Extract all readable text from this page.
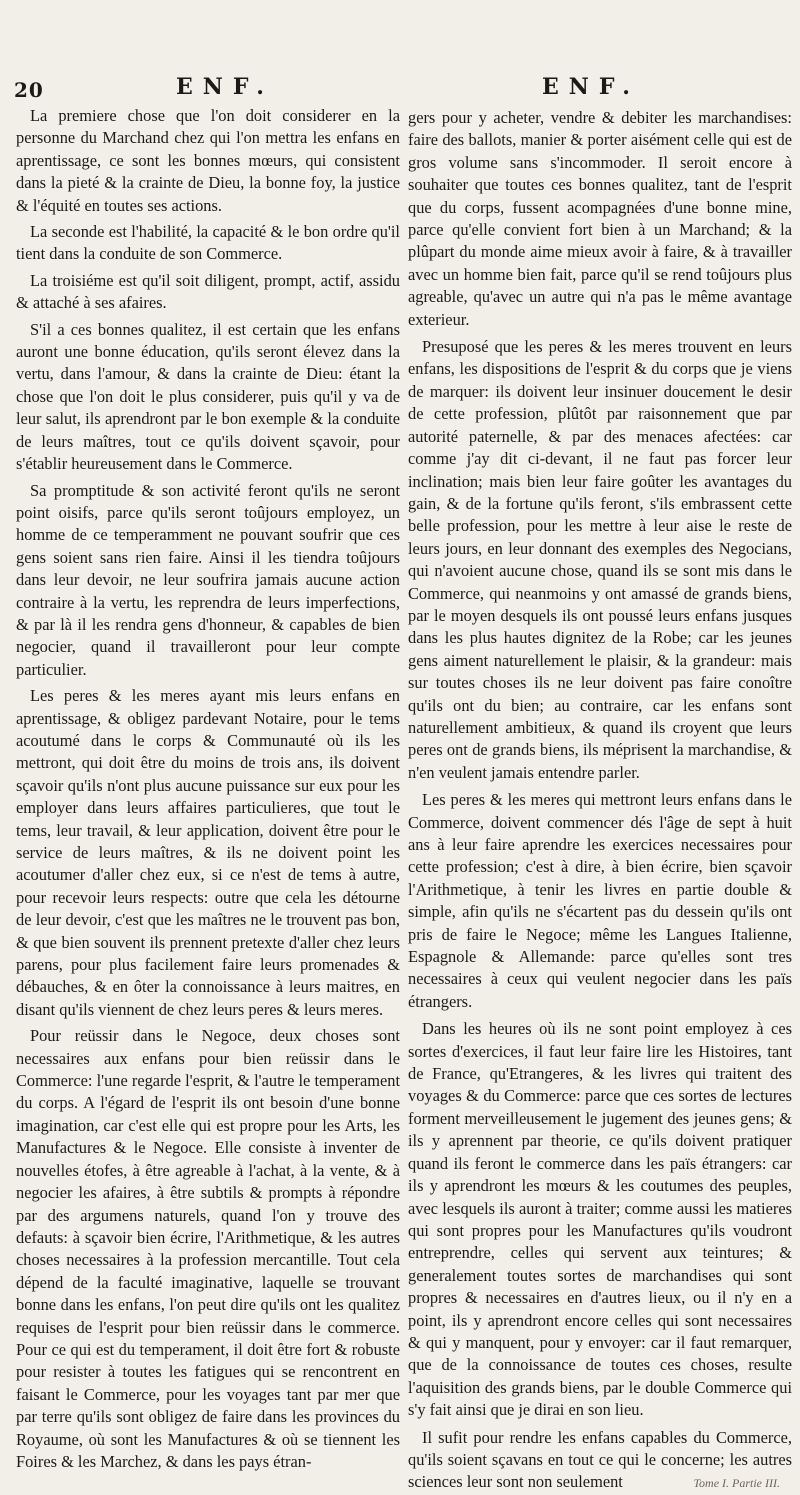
20	ENF.	ENF.

La premiere chose que l'on doit considerer en la personne du Marchand chez qui l'on mettra les enfans en aprentissage, ce sont les bonnes mœurs, qui consistent dans la pieté & la crainte de Dieu, la bonne foy, la justice & l'équité en toutes ses actions.

La seconde est l'habilité, la capacité & le bon ordre qu'il tient dans la conduite de son Commerce.

La troisiéme est qu'il soit diligent, prompt, actif, assidu & attaché à ses afaires.

S'il a ces bonnes qualitez, il est certain que les enfans auront une bonne éducation, qu'ils seront élevez dans la vertu, dans l'amour, & dans la crainte de Dieu: étant la chose que l'on doit le plus considerer, puis qu'il y va de leur salut, ils aprendront par le bon exemple & la conduite de leurs maîtres, tout ce qu'ils doivent sçavoir, pour s'établir heureusement dans le Commerce.

Sa promptitude & son activité feront qu'ils ne seront point oisifs, parce qu'ils seront toûjours employez, un homme de ce temperamment ne pouvant soufrir que ces gens soient sans rien faire. Ainsi il les tiendra toûjours dans leur devoir, ne leur soufrira jamais aucune action contraire à la vertu, les reprendra de leurs imperfections, & par là il les rendra gens d'honneur, & capables de bien negocier, quand il travailleront pour leur compte particulier.

Les peres & les meres ayant mis leurs enfans en aprentissage, & obligez pardevant Notaire, pour le tems acoutumé dans le corps & Communauté où ils les mettront, qui doit être du moins de trois ans, ils doivent sçavoir qu'ils n'ont plus aucune puissance sur eux pour les employer dans leurs affaires particulieres, que tout le tems, leur travail, & leur application, doivent être pour le service de leurs maîtres, & ils ne doivent point les acoutumer d'aller chez eux, si ce n'est de tems à autre, pour recevoir leurs respects: outre que cela les détourne de leur devoir, c'est que les maîtres ne le trouvent pas bon, & que bien souvent ils prennent pretexte d'aller chez leurs parens, pour plus facilement faire leurs promenades & débauches, & en ôter la connoissance à leurs maitres, en disant qu'ils viennent de chez leurs peres & leurs meres.

Pour reüssir dans le Negoce, deux choses sont necessaires aux enfans pour bien reüssir dans le Commerce: l'une regarde l'esprit, & l'autre le temperament du corps. A l'égard de l'esprit ils ont besoin d'une bonne imagination, car c'est elle qui est propre pour les Arts, les Manufactures & le Negoce. Elle consiste à inventer de nouvelles étofes, à être agreable à l'achat, à la vente, & à negocier les afaires, à être subtils & prompts à répondre par des argumens naturels, quand l'on y trouve des defauts: à sçavoir bien écrire, l'Arithmetique, & les autres choses necessaires à la profession mercantille. Tout cela dépend de la faculté imaginative, laquelle se trouvant bonne dans les enfans, l'on peut dire qu'ils ont les qualitez requises de l'esprit pour bien reüssir dans le commerce. Pour ce qui est du temperament, il doit être fort & robuste pour resister à toutes les fatigues qui se rencontrent en faisant le Commerce, pour les voyages tant par mer que par terre qu'ils sont obligez de faire dans les provinces du Royaume, où sont les Manufactures & où se tiennent les Foires & les Marchez, & dans les pays étran-

gers pour y acheter, vendre & debiter les marchandises: faire des ballots, manier & porter aisément celle qui est de gros volume sans s'incommoder. Il seroit encore à souhaiter que toutes ces bonnes qualitez, tant de l'esprit que du corps, fussent acompagnées d'une bonne mine, parce qu'elle convient fort bien à un Marchand; & la plûpart du monde aime mieux avoir à faire, & à travailler avec un homme bien fait, parce qu'il se rend toûjours plus agreable, qu'avec un autre qui n'a pas le même avantage exterieur.

Presuposé que les peres & les meres trouvent en leurs enfans, les dispositions de l'esprit & du corps que je viens de marquer: ils doivent leur insinuer doucement le desir de cette profession, plûtôt par raisonnement que par autorité paternelle, & par des menaces afectées: car comme j'ay dit ci-devant, il ne faut pas forcer leur inclination; mais bien leur faire goûter les avantages du gain, & de la fortune qu'ils feront, s'ils embrassent cette belle profession, pour les mettre à leur aise le reste de leurs jours, en leur donnant des exemples des Negocians, qui n'avoient aucune chose, quand ils se sont mis dans le Commerce, qui neanmoins y ont amassé de grands biens, par le moyen desquels ils ont poussé leurs enfans jusques dans les plus hautes dignitez de la Robe; car les jeunes gens aiment naturellement le plaisir, & la grandeur: mais sur toutes choses ils ne leur doivent pas faire conoître qu'ils ont du bien; au contraire, car les enfans sont naturellement ambitieux, & quand ils croyent que leurs peres ont de grands biens, ils méprisent la marchandise, & n'en veulent jamais entendre parler.

Les peres & les meres qui mettront leurs enfans dans le Commerce, doivent commencer dés l'âge de sept à huit ans à leur faire aprendre les exercices necessaires pour cette profession; c'est à dire, à bien écrire, bien sçavoir l'Arithmetique, à tenir les livres en partie double & simple, afin qu'ils ne s'écartent pas du dessein qu'ils ont pris de faire le Negoce; même les Langues Italienne, Espagnole & Allemande: parce qu'elles sont tres necessaires à ceux qui veulent negocier dans les païs étrangers.

Dans les heures où ils ne sont point employez à ces sortes d'exercices, il faut leur faire lire les Histoires, tant de France, qu'Etrangeres, & les livres qui traitent des voyages & du Commerce: parce que ces sortes de lectures forment merveilleusement le jugement des jeunes gens; & ils y aprennent par theorie, ce qu'ils doivent pratiquer quand ils feront le commerce dans les païs étrangers: car ils y aprendront les mœurs & les coutumes des peuples, avec lesquels ils auront à traiter; comme aussi les matieres qui sont propres pour les Manufactures qu'ils voudront entreprendre, celles qui servent aux teintures; & generalement toutes sortes de marchandises qui sont propres & necessaires en d'autres lieux, ou il n'y en a point, ils y aprendront encore celles qui sont necessaires & qui y manquent, pour y envoyer: car il faut remarquer, que de la connoissance de toutes ces choses, resulte l'aquisition des grands biens, par le double Commerce qui s'y fait ainsi que je dirai en son lieu.

Il sufit pour rendre les enfans capables du Commerce, qu'ils soient sçavans en tout ce qui le concerne; les autres sciences leur sont non seulement	Tome I. Partie III.
